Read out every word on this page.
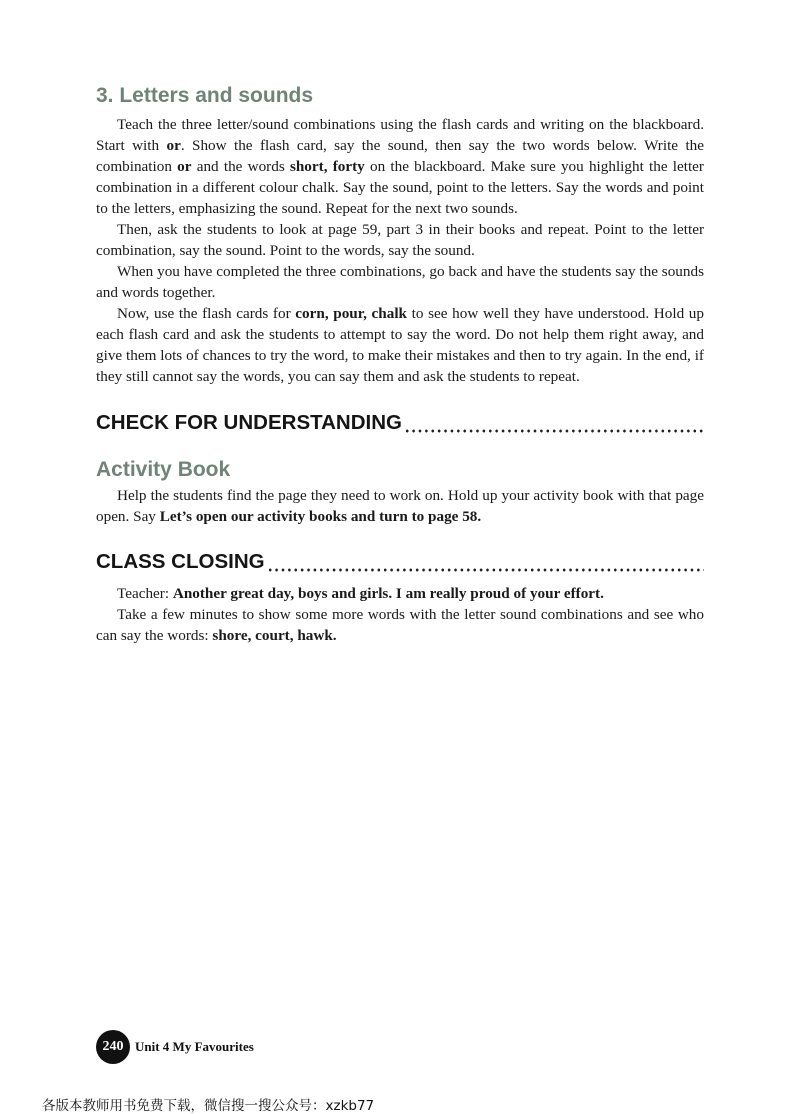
3. Letters and sounds

Teach the three letter/sound combinations using the flash cards and writing on the blackboard. Start with or. Show the flash card, say the sound, then say the two words below. Write the combination or and the words short, forty on the blackboard. Make sure you highlight the letter combination in a different colour chalk. Say the sound, point to the letters. Say the words and point to the letters, emphasizing the sound. Repeat for the next two sounds.

Then, ask the students to look at page 59, part 3 in their books and repeat. Point to the letter combination, say the sound. Point to the words, say the sound.

When you have completed the three combinations, go back and have the students say the sounds and words together.

Now, use the flash cards for corn, pour, chalk to see how well they have understood. Hold up each flash card and ask the students to attempt to say the word. Do not help them right away, and give them lots of chances to try the word, to make their mistakes and then to try again. In the end, if they still cannot say the words, you can say them and ask the students to repeat.

CHECK FOR UNDERSTANDING
Activity Book

Help the students find the page they need to work on. Hold up your activity book with that page open. Say Let’s open our activity books and turn to page 58.

CLASS CLOSING

Teacher: Another great day, boys and girls. I am really proud of your effort.

Take a few minutes to show some more words with the letter sound combinations and see who can say the words: shore, court, hawk.

240 Unit 4 My Favourites
各版本教师用书免费下载，微信搜一搜公众号：xzkb77
